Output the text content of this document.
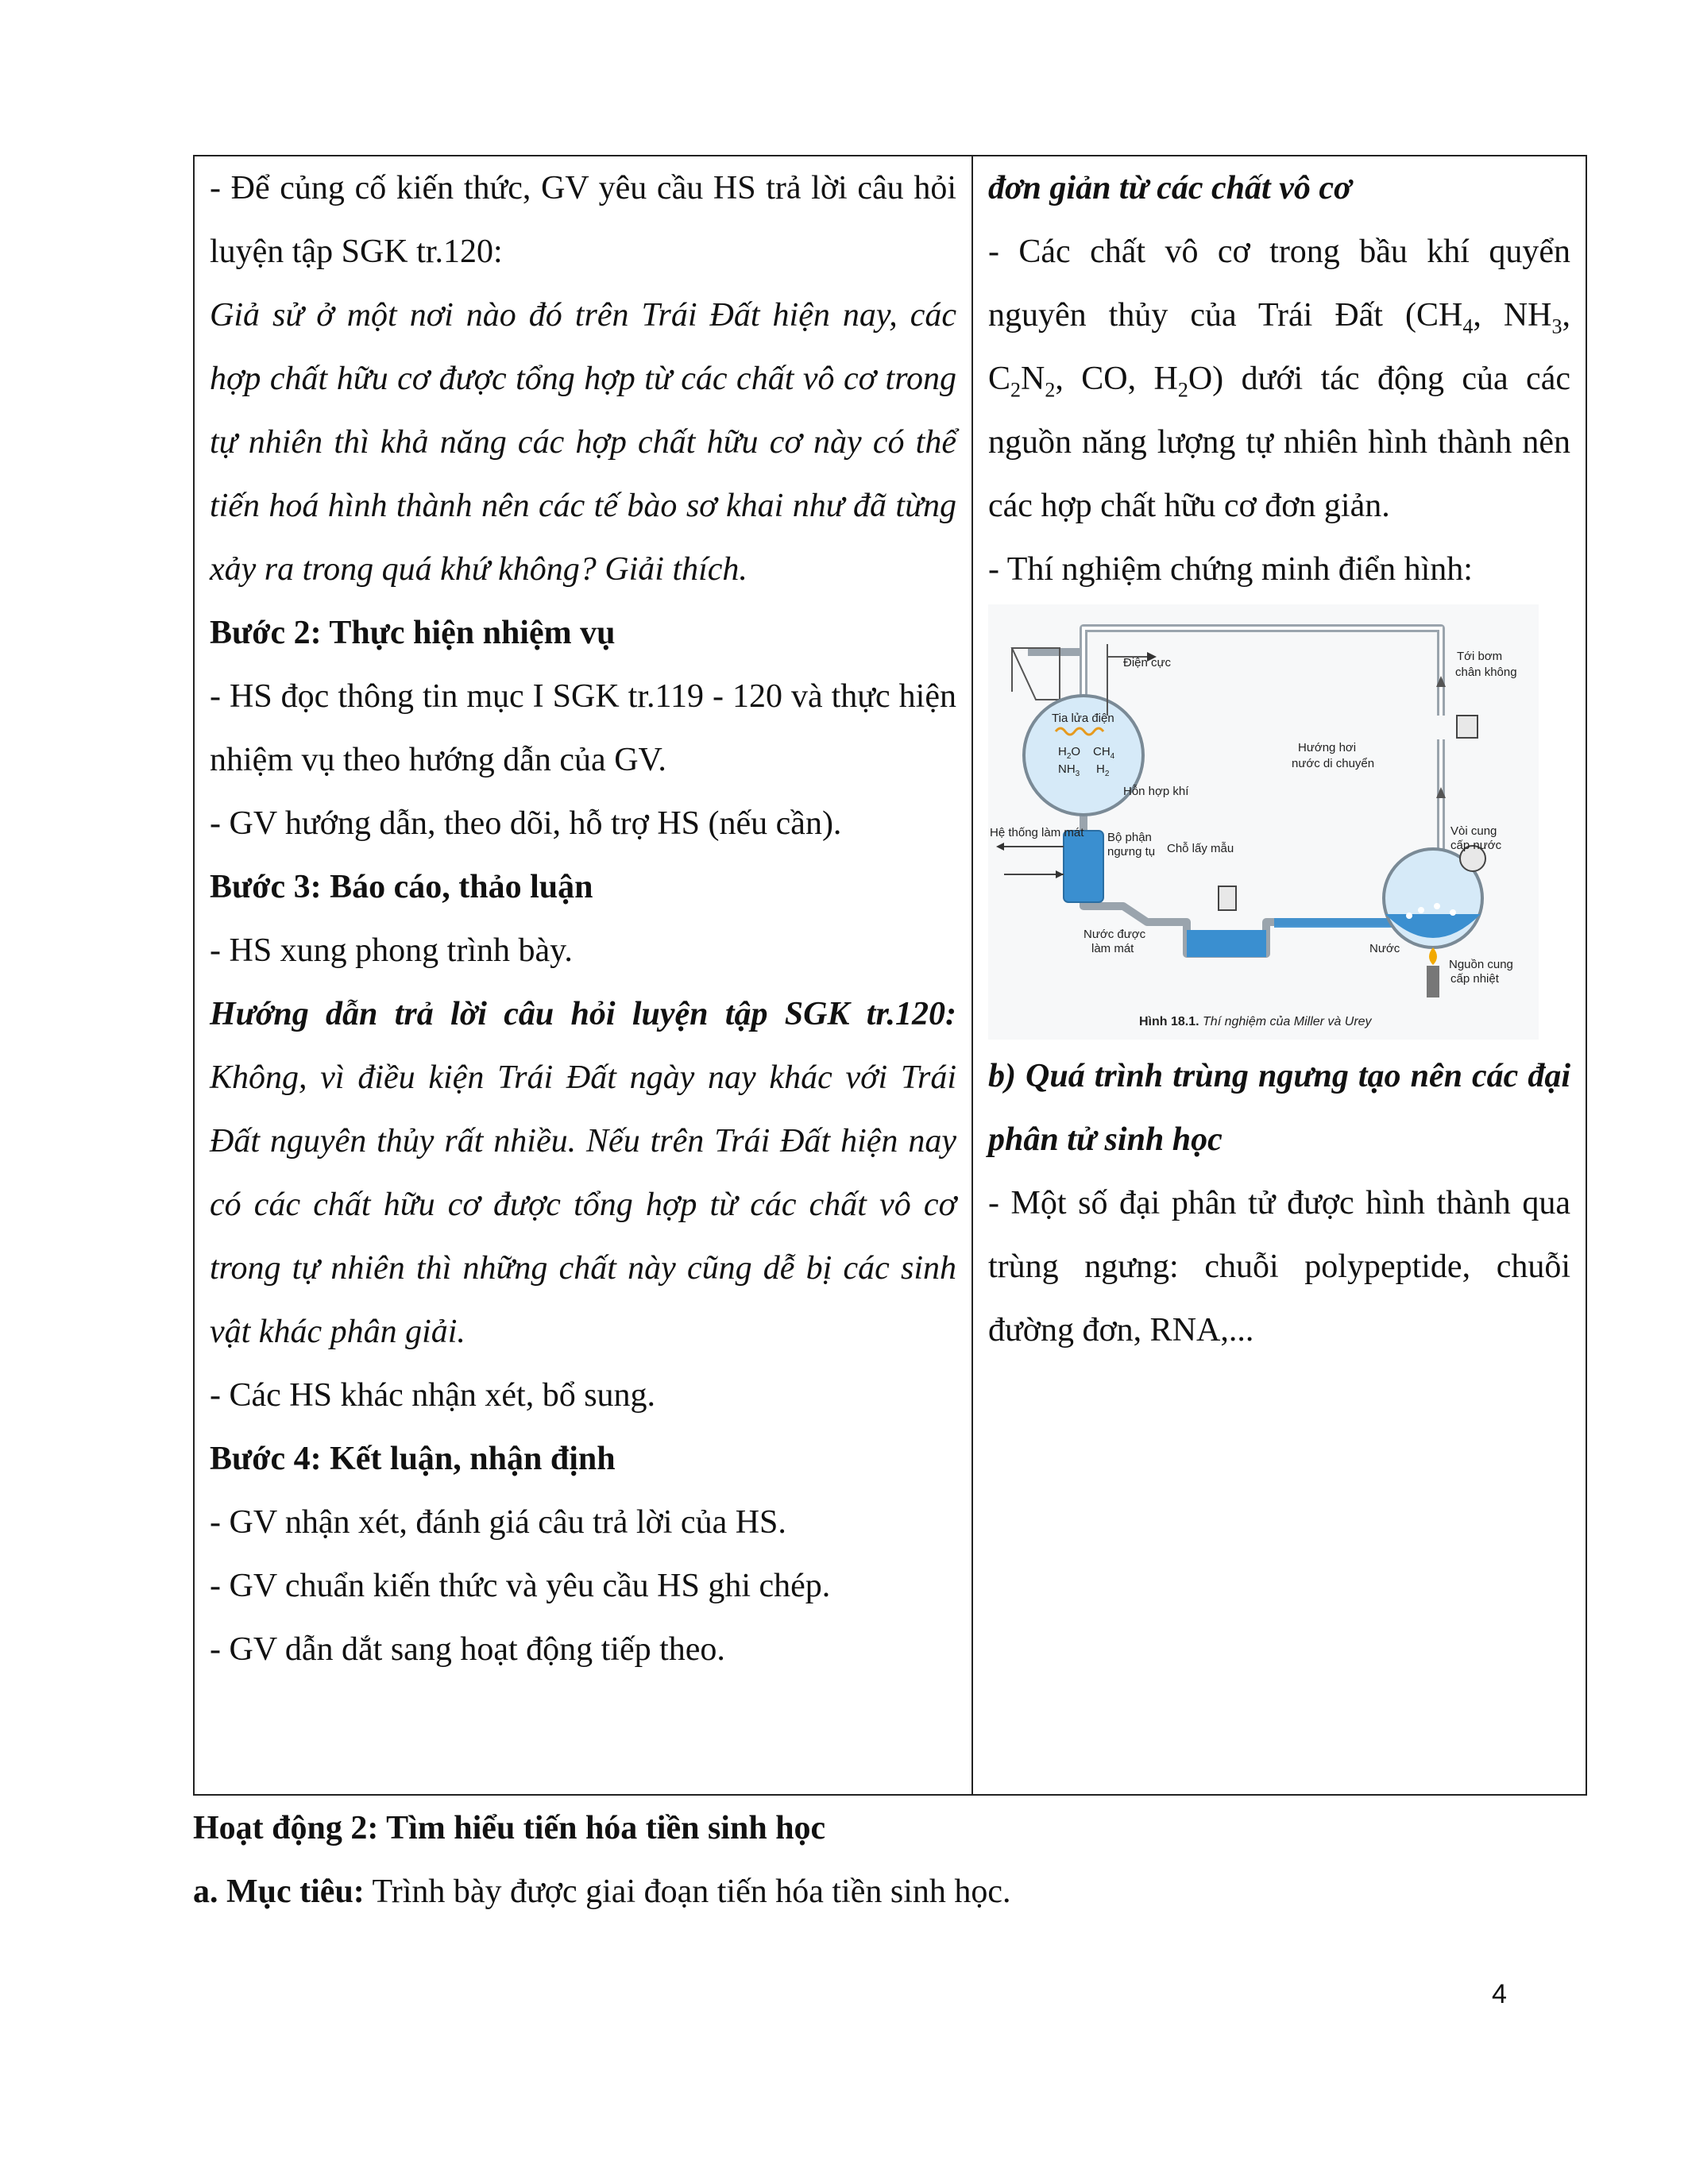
- Để củng cố kiến thức, GV yêu cầu HS trả lời câu hỏi luyện tập SGK tr.120:

Giả sử ở một nơi nào đó trên Trái Đất hiện nay, các hợp chất hữu cơ được tổng hợp từ các chất vô cơ trong tự nhiên thì khả năng các hợp chất hữu cơ này có thể tiến hoá hình thành nên các tế bào sơ khai như đã từng xảy ra trong quá khứ không? Giải thích.

Bước 2: Thực hiện nhiệm vụ

- HS đọc thông tin mục I SGK tr.119 - 120 và thực hiện nhiệm vụ theo hướng dẫn của GV.

- GV hướng dẫn, theo dõi, hỗ trợ HS (nếu cần).

Bước 3: Báo cáo, thảo luận

- HS xung phong trình bày.

Hướng dẫn trả lời câu hỏi luyện tập SGK tr.120: Không, vì điều kiện Trái Đất ngày nay khác với Trái Đất nguyên thủy rất nhiều. Nếu trên Trái Đất hiện nay có các chất hữu cơ được tổng hợp từ các chất vô cơ trong tự nhiên thì những chất này cũng dễ bị các sinh vật khác phân giải.

- Các HS khác nhận xét, bổ sung.

Bước 4: Kết luận, nhận định

- GV nhận xét, đánh giá câu trả lời của HS.

- GV chuẩn kiến thức và yêu cầu HS ghi chép.

- GV dẫn dắt sang hoạt động tiếp theo.

đơn giản từ các chất vô cơ

- Các chất vô cơ trong bầu khí quyển nguyên thủy của Trái Đất ($CH_4$, $NH_3$, $C_2N_2$, CO, $H_2O$) dưới tác động của các nguồn năng lượng tự nhiên hình thành nên các hợp chất hữu cơ đơn giản.

- Thí nghiệm chứng minh điển hình:

Điện cực	Tới bơm
chân không
Tia lửa điện
$H_2O$ $CH_4$
$NH_3$ $H_2$
Hỗn hợp khí
Hướng hơi
nước di chuyển
Vòi cung
cấp nước
Hệ thống làm mát Bộ phận
ngưng tụ Chỗ lấy mẫu
Nước được
làm mát	Nước
Nguồn cung
cấp nhiệt
Hình 18.1. Thí nghiệm của Miller và Urey

b) Quá trình trùng ngưng tạo nên các đại phân tử sinh học

- Một số đại phân tử được hình thành qua trùng ngưng: chuỗi polypeptide, chuỗi đường đơn, RNA,...

Hoạt động 2: Tìm hiểu tiến hóa tiền sinh học

a. Mục tiêu: Trình bày được giai đoạn tiến hóa tiền sinh học.

4
